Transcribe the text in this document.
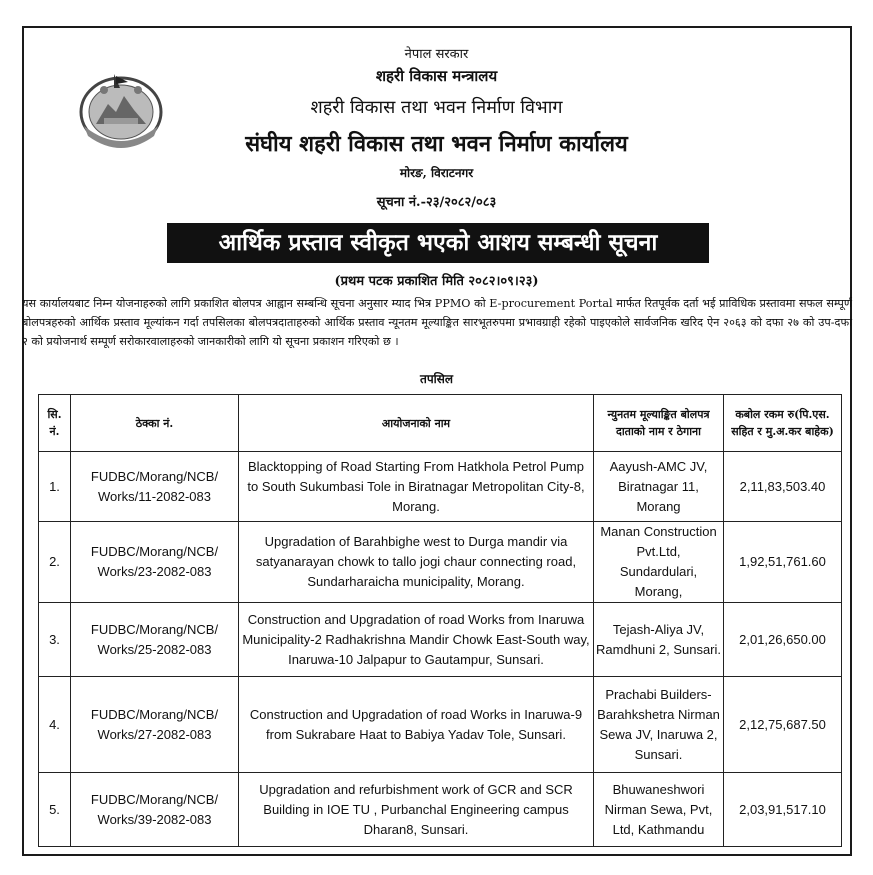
नेपाल सरकार
शहरी विकास मन्त्रालय
शहरी विकास तथा भवन निर्माण विभाग
संघीय शहरी विकास तथा भवन निर्माण कार्यालय
मोरङ, विराटनगर
सूचना नं.-२३/२०८२/०८३
आर्थिक प्रस्ताव स्वीकृत भएको आशय सम्बन्धी सूचना
(प्रथम पटक प्रकाशित मिति २०८२।०९।२३)
यस कार्यालयबाट निम्न योजनाहरुको लागि प्रकाशित बोलपत्र आह्वान सम्बन्धि सूचना अनुसार म्याद भित्र PPMO को E-procurement Portal मार्फत रितपूर्वक दर्ता भई प्राविधिक प्रस्तावमा सफल सम्पूर्ण बोलपत्रहरुको आर्थिक प्रस्ताव मूल्यांकन गर्दा तपसिलका बोलपत्रदाताहरुको आर्थिक प्रस्ताव न्यूनतम मूल्याङ्कित सारभूतरुपमा प्रभावग्राही रहेको पाइएकोले सार्वजनिक खरिद ऐन २०६३ को दफा २७ को उप-दफा २ को प्रयोजनार्थ सम्पूर्ण सरोकारवालाहरुको जानकारीको लागि यो सूचना प्रकाशन गरिएको छ ।
तपसिल
सि. नं.	ठेक्का नं.	आयोजनाको नाम	न्युनतम मूल्याङ्कित बोलपत्र दाताको नाम र ठेगाना	कबोल रकम रु(पि.एस. सहित र मु.अ.कर बाहेक)
1.	FUDBC/Morang/NCB/ Works/11-2082-083	Blacktopping of Road Starting From Hatkhola Petrol Pump to South Sukumbasi Tole in Biratnagar Metropolitan City-8, Morang.	Aayush-AMC JV, Biratnagar 11, Morang	2,11,83,503.40
2.	FUDBC/Morang/NCB/ Works/23-2082-083	Upgradation of Barahbighe west to Durga mandir via satyanarayan chowk to tallo jogi chaur connecting road, Sundarharaicha municipality, Morang.	Manan Construction Pvt.Ltd, Sundardulari, Morang,	1,92,51,761.60
3.	FUDBC/Morang/NCB/ Works/25-2082-083	Construction and Upgradation of road Works from Inaruwa Municipality-2 Radhakrishna Mandir Chowk East-South way, Inaruwa-10 Jalpapur to Gautampur, Sunsari.	Tejash-Aliya JV, Ramdhuni 2, Sunsari.	2,01,26,650.00
4.	FUDBC/Morang/NCB/ Works/27-2082-083	Construction and Upgradation of road Works in Inaruwa-9 from Sukrabare Haat to Babiya Yadav Tole, Sunsari.	Prachabi Builders-Barahkshetra Nirman Sewa JV, Inaruwa 2, Sunsari.	2,12,75,687.50
5.	FUDBC/Morang/NCB/ Works/39-2082-083	Upgradation and refurbishment work of GCR and SCR Building in IOE TU , Purbanchal Engineering campus Dharan8, Sunsari.	Bhuwaneshwori Nirman Sewa, Pvt, Ltd, Kathmandu	2,03,91,517.10
